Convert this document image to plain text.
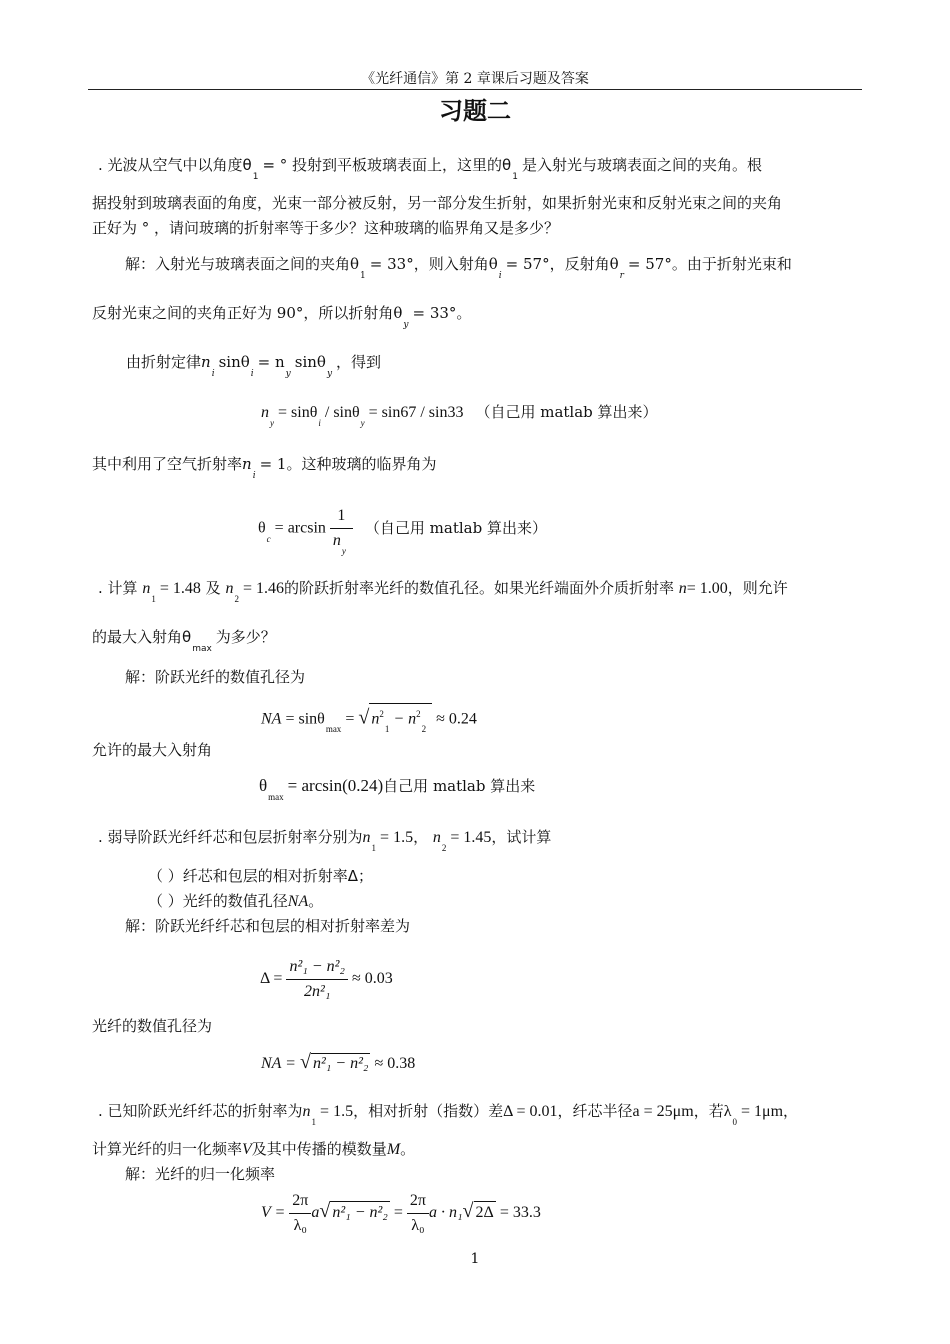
《光纤通信》第 2 章课后习题及答案
习题二
. 光波从空气中以角度$\theta_1=$ ° 投射到平板玻璃表面上，这里的$\theta_1$是入射光与玻璃表面之间的夹角。根
据投射到玻璃表面的角度，光束一部分被反射，另一部分发生折射，如果折射光束和反射光束之间的夹角
正好为 ° ，请问玻璃的折射率等于多少？这种玻璃的临界角又是多少？
解：入射光与玻璃表面之间的夹角$\theta_1= 33^\circ$，则入射角$\theta_i= 57^\circ$，反射角$\theta_r= 57^\circ$。由于折射光束和
反射光束之间的夹角正好为 90°，所以折射角$\theta_y= 33^\circ$。
由折射定律$n_i\sin\theta_i= n_y\sin\theta_y$，得到
$n_y= \sin\theta_i/$ sinθ$_y$= sin67 / sin33 （自己用 matlab 算出来）
其中利用了空气折射率$n_i= 1$。这种玻璃的临界角为
$\theta_c= \arcsin \frac{1}{n_y}$ （自己用 matlab 算出来）
. 计算 $n_1= 1.48$ 及 $n_2= 1.46$的阶跃折射率光纤的数值孔径。如果光纤端面外介质折射率 n= 1.00，则允许
的最大入射角$\theta_{max}$为多少？
解：阶跃光纤的数值孔径为
NA = sinθ$_{max}$= √ $n^2_1- n^2_2 \approx 0.24$
允许的最大入射角
$\theta_{max}= \arcsin(0.24)$自己用 matlab 算出来
. 弱导阶跃光纤纤芯和包层折射率分别为$n_1= 1.5$， $n_2= 1.45$，试计算
（ ）纤芯和包层的相对折射率Δ；
（ ）光纤的数值孔径NA。
解：阶跃光纤纤芯和包层的相对折射率差为
$\Delta = \frac{\text{n²₁ − n²₂}}{\text{2n²₁}} \approx 0.03$
光纤的数值孔径为
NA = √ n²₁ − n²₂ ≈ 0.38
. 已知阶跃光纤纤芯的折射率为$n_1= 1.5$，相对折射（指数）差Δ = 0.01，纤芯半径a = 25μm，若$\lambda_0= 1\mu m$，
计算光纤的归一化频率V及其中传播的模数量M。
解：光纤的归一化频率
$V = \frac{2\pi}{\text{λ₀}} a√$ $n^2_1 - n^2_2 = \frac{2\pi}{\text{λ₀}}$ a · n₁√ 2Δ = 33.3
1
